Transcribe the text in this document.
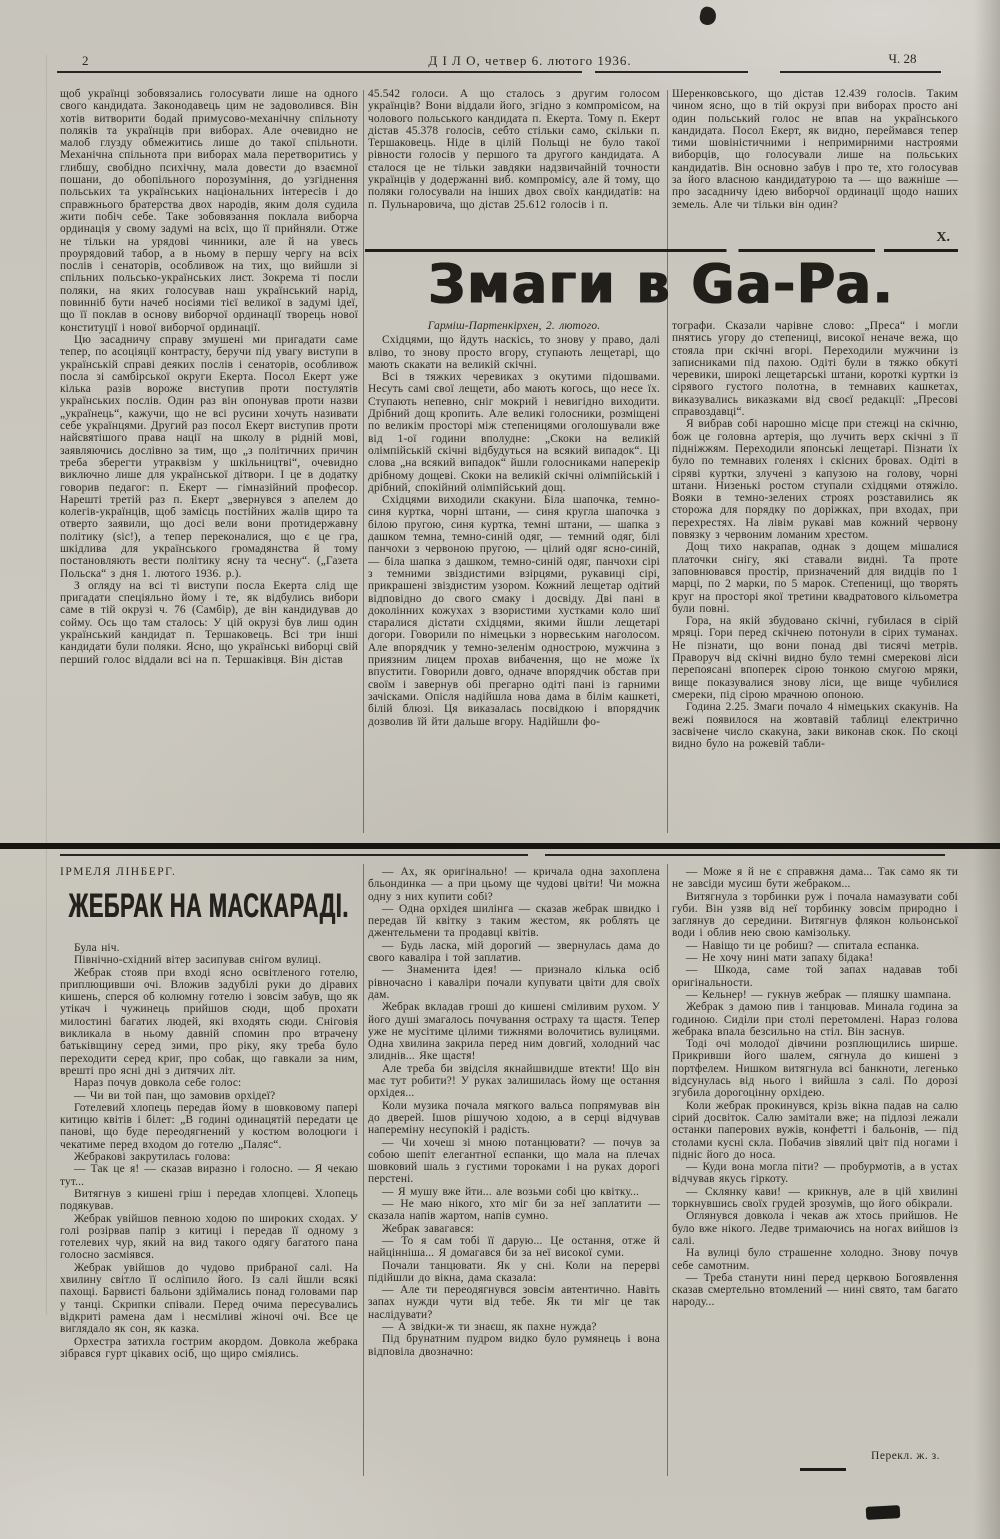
2	Д І Л О, четвер 6. лютого 1936.	Ч. 28

щоб українці зобовязались голосувати лише на одного свого кандидата. Законодавець цим не задоволився. Він хотів витворити бодай примусово-механічну спільноту поляків та українців при виборах. Але очевидно не малоб глузду обмежитись лише до такої спільноти. Механічна спільнота при виборах мала перетворитись у глибшу, свобідно психічну, мала довести до взаємної пошани, до обопільного порозуміння, до узгіднення польських та українських національних інтересів і до справжнього братерства двох народів, яким доля судила жити побіч себе. Таке зобовязання поклала виборча ординація у свому задумі на всіх, що її прийняли. Отже не тільки на урядові чинники, але й на увесь проурядовий табор, а в ньому в першу чергу на всіх послів і сенаторів, особливож на тих, що вийшли зі спільних польсько-українських лист. Зокрема ті посли поляки, на яких голосував наш український нарід, повинніб бути начеб носіями тієї великої в задумі ідеї, що її поклав в основу виборчої ординації творець нової конституції і нової виборчої ординації.

Цю засадничу справу змушені ми пригадати саме тепер, по асоціяції контрасту, беручи під увагу виступи в українській справі деяких послів і сенаторів, особливож посла зі самбірської округи Екерта. Посол Екерт уже кілька разів вороже виступив проти постулятів українських послів. Один раз він опонував проти назви „українець“, кажучи, що не всі русини хочуть називати себе українцями. Другий раз посол Екерт виступив проти найсвятішого права нації на школу в рідній мові, заявляючись дослівно за тим, що „з політичних причин треба зберегти утраквізм у шкільництві“, очевидно виключно лише для української дітвори. І це в додатку говорив педагог: п. Екерт — гімназійний професор. Нарешті третій раз п. Екерт „звернувся з апелем до колегів-українців, щоб замісць постійних жалів щиро та отверто заявили, що досі вели вони протидержавну політику (sic!), а тепер переконалися, що є це гра, шкідлива для українського громадянства й тому постановляють вести політику ясну та чесну“. („Газета Польска“ з дня 1. лютого 1936. р.).

З огляду на всі ті виступи посла Екерта слід ще пригадати спеціяльно йому і те, як відбулись вибори саме в тій окрузі ч. 76 (Самбір), де він кандидував до сойму. Ось що там сталось: У цій окрузі був лиш один український кандидат п. Тершаковець. Всі три інші кандидати були поляки. Ясно, що українські виборці свій перший голос віддали всі на п. Тершаківця. Він дістав

45.542 голоси. А що сталось з другим голосом українців? Вони віддали його, згідно з компромісом, на чолового польського кандидата п. Екерта. Тому п. Екерт дістав 45.378 голосів, себто стільки само, скільки п. Тершаковець. Ніде в цілій Польщі не було такої рівности голосів у першого та другого кандидата. А сталося це не тільки завдяки надзвичайній точности українців у додержанні виб. компромісу, але й тому, що поляки голосували на інших двох своїх кандидатів: на п. Пульнаровича, що дістав 25.612 голосів і п.

Шеренковського, що дістав 12.439 голосів. Таким чином ясно, що в тій окрузі при виборах просто ані один польський голос не впав на українського кандидата. Посол Екерт, як видно, переймався тепер тими шовіністичними і непримирними настроями виборців, що голосували лише на польських кандидатів. Він основно забув і про те, хто голосував за його власною кандидатурою та — що важніше — про засадничу ідею виборчої ординації щодо наших земель. Але чи тільки він один?

X.
Змаги в Ga-Pa.

Гарміш-Партенкірхен, 2. лютого.

Східцями, що йдуть наскісь, то знову у право, далі вліво, то знову просто вгору, ступають лещетарі, що мають скакати на великій скічні.

Всі в тяжких черевиках з окутими підошвами. Несуть самі свої лещети, або мають когось, що несе їх. Ступають непевно, сніг мокрий і невигідно виходити. Дрібний дощ кропить. Але великі голосники, розміщені по великім просторі між степеницями оголошували вже від 1-ої години вполудне: „Скоки на великій олімпійській скічні відбудуться на всякий випадок“. Ці слова „на всякий випадок“ йшли голосниками наперекір дрібному дощеві. Скоки на великій скічні олімпійській і дрібний, спокійний олімпійський дощ.

Східцями виходили скакуни. Біла шапочка, темно-синя куртка, чорні штани, — синя кругла шапочка з білою пругою, синя куртка, темні штани, — шапка з дашком темна, темно-синій одяг, — темний одяг, білі панчохи з червоною пругою, — цілий одяг ясно-синій, — біла шапка з дашком, темно-синій одяг, панчохи сірі з темними звіздистими взірцями, рукавиці сірі, прикрашені звіздистим узором. Кожний лещетар одітий відповідно до свого смаку і досвіду. Дві пані в доколінних кожухах з взористими хустками коло шиї старалися дістати східцями, якими йшли лещетарі догори. Говорили по німецьки з норвеським наголосом. Але впорядчик у темно-зеленім однострою, мужчина з приязним лицем прохав вибачення, що не може їх впустити. Говорили довго, одначе впорядчик обстав при своїм і завернув обі прегарно одіті пані із гарними зачісками. Опісля надійшла нова дама в білім кашкеті, білій блюзі. Ця виказалась посвідкою і впорядчик дозволив їй йти дальше вгору. Надійшли фо-

тографи. Сказали чарівне слово: „Преса“ і могли пнятись угору до степениці, високої неначе вежа, що стояла при скічні вгорі. Переходили мужчини із записниками під пахою. Одіті були в тяжко обкуті черевики, широкі лещетарські штани, короткі куртки із сірявого густого полотна, в темнавих кашкетах, виказувались виказками від своєї редакції: „Пресові справоздавці“.

Я вибрав собі нарошно місце при стежці на скічню, бож це головна артерія, що лучить верх скічні з її підніжжям. Переходили японські лещетарі. Пізнати їх було по темнавих голенях і скісних бровах. Одіті в сіряві куртки, злучені з капузою на голову, чорні штани. Низенькі ростом ступали східцями отяжіло. Вояки в темно-зелених строях розставились як сторожа для порядку по доріжках, при входах, при перехрестях. На лівім рукаві мав кожний червону повязку з червоним ломаним хрестом.

Дощ тихо накрапав, однак з дощем мішалися платочки снігу, які ставали видні. Та проте заповнювався простір, призначений для видців по 1 марці, по 2 марки, по 5 марок. Степениці, що творять круг на просторі якої третини квадратового кільометра були повні.

Гора, на якій збудовано скічні, губилася в сірій мряці. Гори перед скічнею потонули в сірих туманах. Не пізнати, що вони понад дві тисячі метрів. Праворуч від скічні видно було темні смерекові ліси перепоясані впоперек сірою тонкою смугою мряки, вище показувалися знову ліси, ще вище чубилися смереки, під сірою мрачною опоною.

Година 2.25. Змаги почало 4 німецьких скакунів. На вежі появилося на жовтавій таблиці електрично засвічене число скакуна, заки виконав скок. По скоці видно було на рожевій табли-

ІРМЕЛЯ ЛІНБЕРГ.
ЖЕБРАК НА МАСКАРАДІ.

Була ніч.

Північно-східний вітер засипував снігом вулиці.

Жебрак стояв при вході ясно освітленого готелю, приплющивши очі. Вложив задубілі руки до діравих кишень, сперся об колюмну готелю і зовсім забув, що як утікач і чужинець прийшов сюди, щоб прохати милостині багатих людей, які входять сюди. Сніговія викликала в ньому давній спомин про втрачену батьківщину серед зими, про ріку, яку треба було переходити серед криг, про собак, що гавкали за ним, врешті про ясні дні з дитячих літ.

Нараз почув довкола себе голос:

— Чи ви той пан, що замовив орхідеї?

Готелевий хлопець передав йому в шовковому папері китицю квітів і білет: „В годині одинацятій передати це панові, що буде переодягнений у костюм волоцюги і чекатиме перед входом до готелю „Паляс“.

Жебракові закрутилась голова:

— Так це я! — сказав виразно і голосно. — Я чекаю тут...

Витягнув з кишені гріш і передав хлопцеві. Хлопець подякував.

Жебрак увійшов певною ходою по широких сходах. У голі розірвав папір з китиці і передав її одному з готелевих чур, який на вид такого одягу багатого пана голосно засміявся.

Жебрак увійшов до чудово прибраної салі. На хвилину світло її осліпило його. Із салі йшли всякі пахощі. Барвисті бальони здіймались понад головами пар у танці. Скрипки співали. Перед очима пересувались відкриті рамена дам і несміливі жіночі очі. Все це виглядало як сон, як казка.

Орхестра затихла гострим акордом. Довкола жебрака зібрався гурт цікавих осіб, що щиро сміялись.

— Ах, як оригінально! — кричала одна захоплена бльондинка — а при цьому ще чудові цвіти! Чи можна одну з них купити собі?

— Одна орхідея шилінга — сказав жебрак швидко і передав їй квітку з таким жестом, як роблять це джентельмени та продавці квітів.

— Будь ласка, мій дорогий — звернулась дама до свого каваліра і той заплатив.

— Знаменита ідея! — признало кілька осіб рівночасно і каваліри почали купувати цвіти для своїх дам.

Жебрак вкладав гроші до кишені сміливим рухом. У його душі змагалось почування остраху та щастя. Тепер уже не мусітиме цілими тижнями волочитись вулицями. Одна хвилина закрила перед ним довгий, холодний час злиднів... Яке щастя!

Але треба би звідсіля якнайшвидше втекти! Що він має тут робити?! У руках залишилась йому ще остання орхідея...

Коли музика почала мягкого вальса попрямував він до дверей. Ішов рішучою ходою, а в серці відчував напереміну несупокій і радість.

— Чи хочеш зі мною потанцювати? — почув за собою шепіт елегантної еспанки, що мала на плечах шовковий шаль з густими тороками і на руках дорогі перстені.

— Я мушу вже йти... але возьми собі цю квітку...

— Не маю нікого, хто міг би за неї заплатити — сказала напів жартом, напів сумно.

Жебрак завагався:

— То я сам тобі її дарую... Це остання, отже й найцінніша... Я домагався би за неї високої суми.

Почали танцювати. Як у сні. Коли на перерві підійшли до вікна, дама сказала:

— Але ти переодягнувся зовсім автентично. Навіть запах нужди чути від тебе. Як ти міг це так наслідувати?

— А звідки-ж ти знаєш, як пахне нужда?

Під брунатним пудром видко було румянець і вона відповіла двозначно:

— Може я й не є справжня дама... Так само як ти не завсіди мусиш бути жебраком...

Витягнула з торбинки руж і почала намазувати собі губи. Він узяв від неї торбинку зовсім природно і заглянув до середини. Витягнув флякон кольонської води і облив нею свою камізольку.

— Навіщо ти це робиш? — спитала еспанка.

— Не хочу нині мати запаху бідака!

— Шкода, саме той запах надавав тобі оригінальности.

— Кельнер! — гукнув жебрак — пляшку шампана.

Жебрак з дамою пив і танцював. Минала година за годиною. Сиділи при столі перетомлені. Нараз голова жебрака впала безсильно на стіл. Він заснув.

Тоді очі молодої дівчини розплющились ширше. Прикривши його шалем, сягнула до кишені з портфелем. Нишком витягнула всі банкноти, легенько відсунулась від нього і вийшла з салі. По дорозі згубила дорогоцінну орхідею.

Коли жебрак прокинувся, крізь вікна падав на салю сірий досвіток. Салю замітали вже; на підлозі лежали останки паперових вужів, конфетті і бальонів, — під столами кусні скла. Побачив зівялий цвіт під ногами і підніс його до носа.

— Куди вона могла піти? — пробурмотів, а в устах відчував якусь гіркоту.

— Склянку кави! — крикнув, але в цій хвилині торкнувшись своїх грудей зрозумів, що його обікрали.

Оглянувся довкола і чекав аж хтось прийшов. Не було вже нікого. Ледве тримаючись на ногах вийшов із салі.

На вулиці було страшенне холодно. Знову почув себе самотним.

— Треба станути нині перед церквою Богоявлення сказав смертельно втомлений — нині свято, там багато народу...

Перекл. ж. з.
